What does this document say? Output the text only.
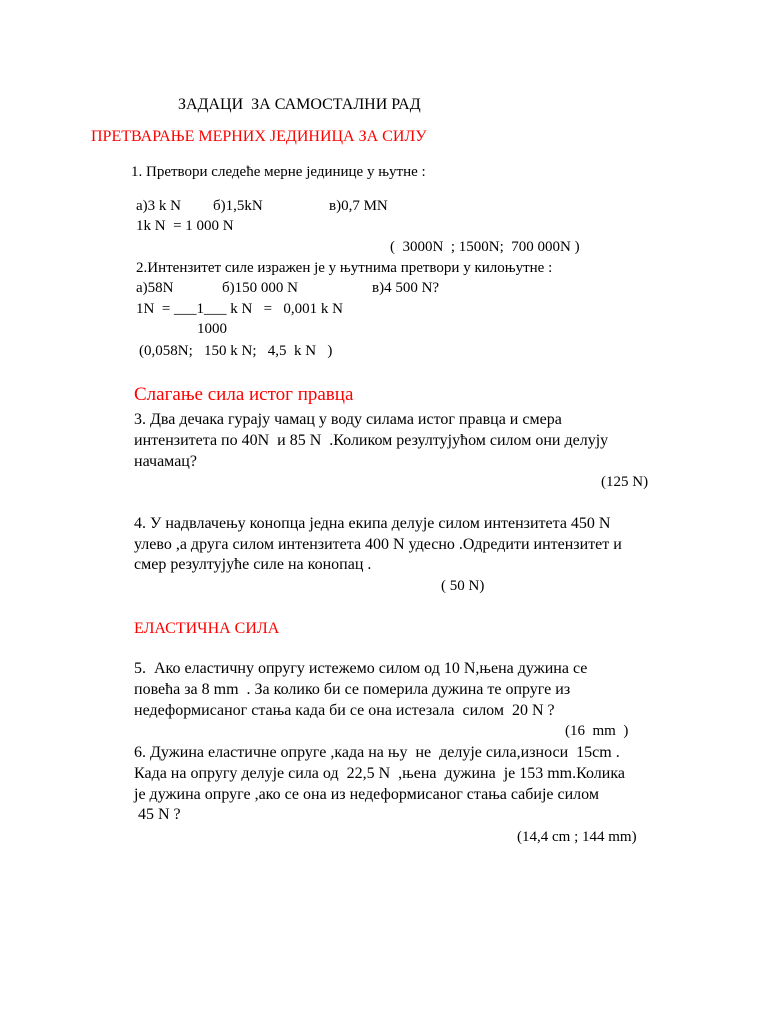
ЗАДАЦИ  ЗА САМОСТАЛНИ РАД
ПРЕТВАРАЊЕ МЕРНИХ ЈЕДИНИЦА ЗА СИЛУ
1. Претвори следеће мерне јединице у њутне :
а)3 k N б)1,5kN	в)0,7 MN
1k N  = 1 000 N
(  3000N  ; 1500N;  700 000N )
2.Интензитет силе изражен је у њутнима претвори у килоњутне :
а)58N	б)150 000 N	в)4 500 N?
1N  = ___1___ k N   =   0,001 k N
1000
(0,058N;   150 k N;   4,5  k N   )
Слагање сила истог правца
3. Два дечака гурају чамац у воду силама истог правца и смера
интензитета по 40N  и 85 N  .Коликом резултујућом силом они делују
начамац?
(125 N)
4. У надвлачењу конопца једна екипа делује силом интензитета 450 N
улево ,а друга силом интензитета 400 N удесно .Одредити интензитет и
смер резултујуће силе на конопац .
( 50 N)
ЕЛАСТИЧНА СИЛА
5.  Ако еластичну опругу истежемо силом од 10 N,њена дужина се
повећа за 8 mm  . За колико би се померила дужина те опруге из
недеформисаног стања када би се она истезала  силом  20 N ?
(16  mm  )
6. Дужина еластичне опруге ,када на њу  не  делује сила,износи  15cm .
Када на опругу делује сила од  22,5 N  ,њена  дужина  је 153 mm.Колика
је дужина опруге ,ако се она из недеформисаног стања сабије силом
45 N ?
(14,4 cm ; 144 mm)
